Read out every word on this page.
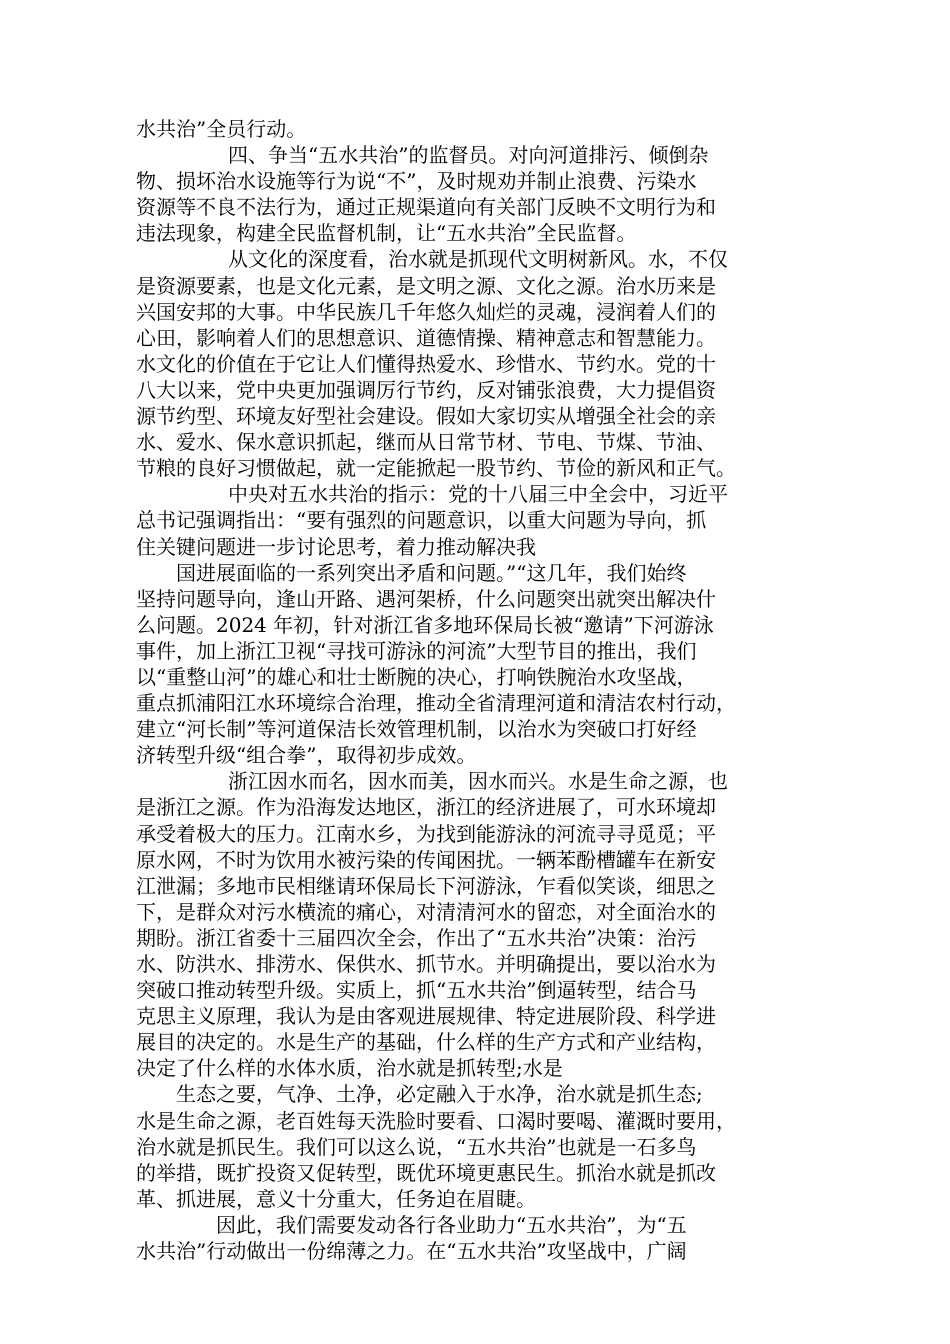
水共治”全员行动。
四、争当“五水共治”的监督员。对向河道排污、倾倒杂
物、损坏治水设施等行为说“不”，及时规劝并制止浪费、污染水
资源等不良不法行为，通过正规渠道向有关部门反映不文明行为和
违法现象，构建全民监督机制，让“五水共治”全民监督。
从文化的深度看，治水就是抓现代文明树新风。水，不仅
是资源要素，也是文化元素，是文明之源、文化之源。治水历来是
兴国安邦的大事。中华民族几千年悠久灿烂的灵魂，浸润着人们的
心田，影响着人们的思想意识、道德情操、精神意志和智慧能力。
水文化的价值在于它让人们懂得热爱水、珍惜水、节约水。党的十
八大以来，党中央更加强调厉行节约，反对铺张浪费，大力提倡资
源节约型、环境友好型社会建设。假如大家切实从增强全社会的亲
水、爱水、保水意识抓起，继而从日常节材、节电、节煤、节油、
节粮的良好习惯做起，就一定能掀起一股节约、节俭的新风和正气。
中央对五水共治的指示：党的十八届三中全会中，习近平
总书记强调指出：“要有强烈的问题意识，以重大问题为导向，抓
住关键问题进一步讨论思考，着力推动解决我
国进展面临的一系列突出矛盾和问题。”“这几年，我们始终
坚持问题导向，逢山开路、遇河架桥，什么问题突出就突出解决什
么问题。2024 年初，针对浙江省多地环保局长被“邀请”下河游泳
事件，加上浙江卫视“寻找可游泳的河流”大型节目的推出，我们
以“重整山河”的雄心和壮士断腕的决心，打响铁腕治水攻坚战，
重点抓浦阳江水环境综合治理，推动全省清理河道和清洁农村行动，
建立“河长制”等河道保洁长效管理机制，以治水为突破口打好经
济转型升级“组合拳”，取得初步成效。
浙江因水而名，因水而美，因水而兴。水是生命之源，也
是浙江之源。作为沿海发达地区，浙江的经济进展了，可水环境却
承受着极大的压力。江南水乡，为找到能游泳的河流寻寻觅觅；平
原水网，不时为饮用水被污染的传闻困扰。一辆苯酚槽罐车在新安
江泄漏；多地市民相继请环保局长下河游泳，乍看似笑谈，细思之
下，是群众对污水横流的痛心，对清清河水的留恋，对全面治水的
期盼。浙江省委十三届四次全会，作出了“五水共治”决策：治污
水、防洪水、排涝水、保供水、抓节水。并明确提出，要以治水为
突破口推动转型升级。实质上，抓“五水共治”倒逼转型，结合马
克思主义原理，我认为是由客观进展规律、特定进展阶段、科学进
展目的决定的。水是生产的基础，什么样的生产方式和产业结构，
决定了什么样的水体水质，治水就是抓转型;水是
生态之要，气净、土净，必定融入于水净，治水就是抓生态;
水是生命之源，老百姓每天洗脸时要看、口渴时要喝、灌溉时要用，
治水就是抓民生。我们可以这么说，“五水共治”也就是一石多鸟
的举措，既扩投资又促转型，既优环境更惠民生。抓治水就是抓改
革、抓进展，意义十分重大，任务迫在眉睫。
因此，我们需要发动各行各业助力“五水共治”，为“五
水共治”行动做出一份绵薄之力。在“五水共治”攻坚战中，广阔
